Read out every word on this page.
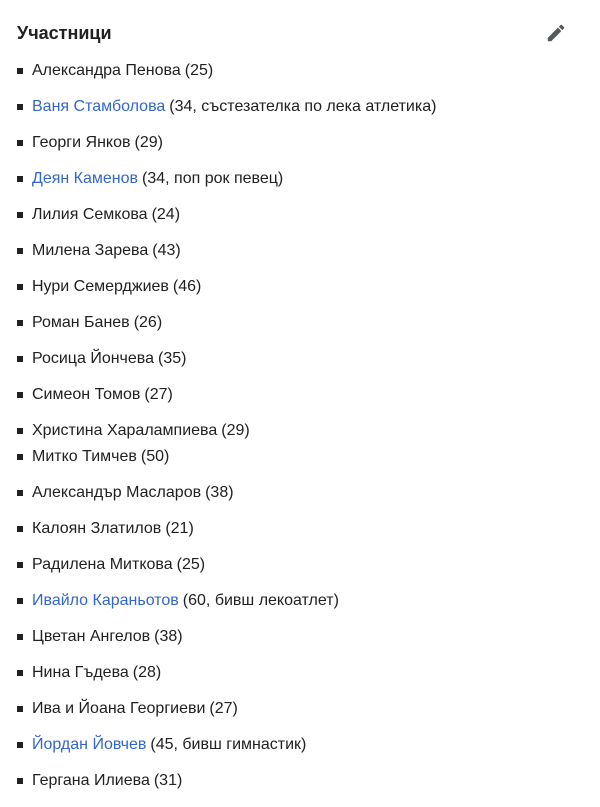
Участници
Александра Пенова (25)
Ваня Стамболова (34, състезателка по лека атлетика)
Георги Янков (29)
Деян Каменов (34, поп рок певец)
Лилия Семкова (24)
Милена Зарева (43)
Нури Семерджиев (46)
Роман Банев (26)
Росица Йончева (35)
Симеон Томов (27)
Христина Харалампиева (29)
Митко Тимчев (50)
Александър Масларов (38)
Калоян Златилов (21)
Радилена Миткова (25)
Ивайло Караньотов (60, бивш лекоатлет)
Цветан Ангелов (38)
Нина Гъдева (28)
Ива и Йоана Георгиеви (27)
Йордан Йовчев (45, бивш гимнастик)
Гергана Илиева (31)
